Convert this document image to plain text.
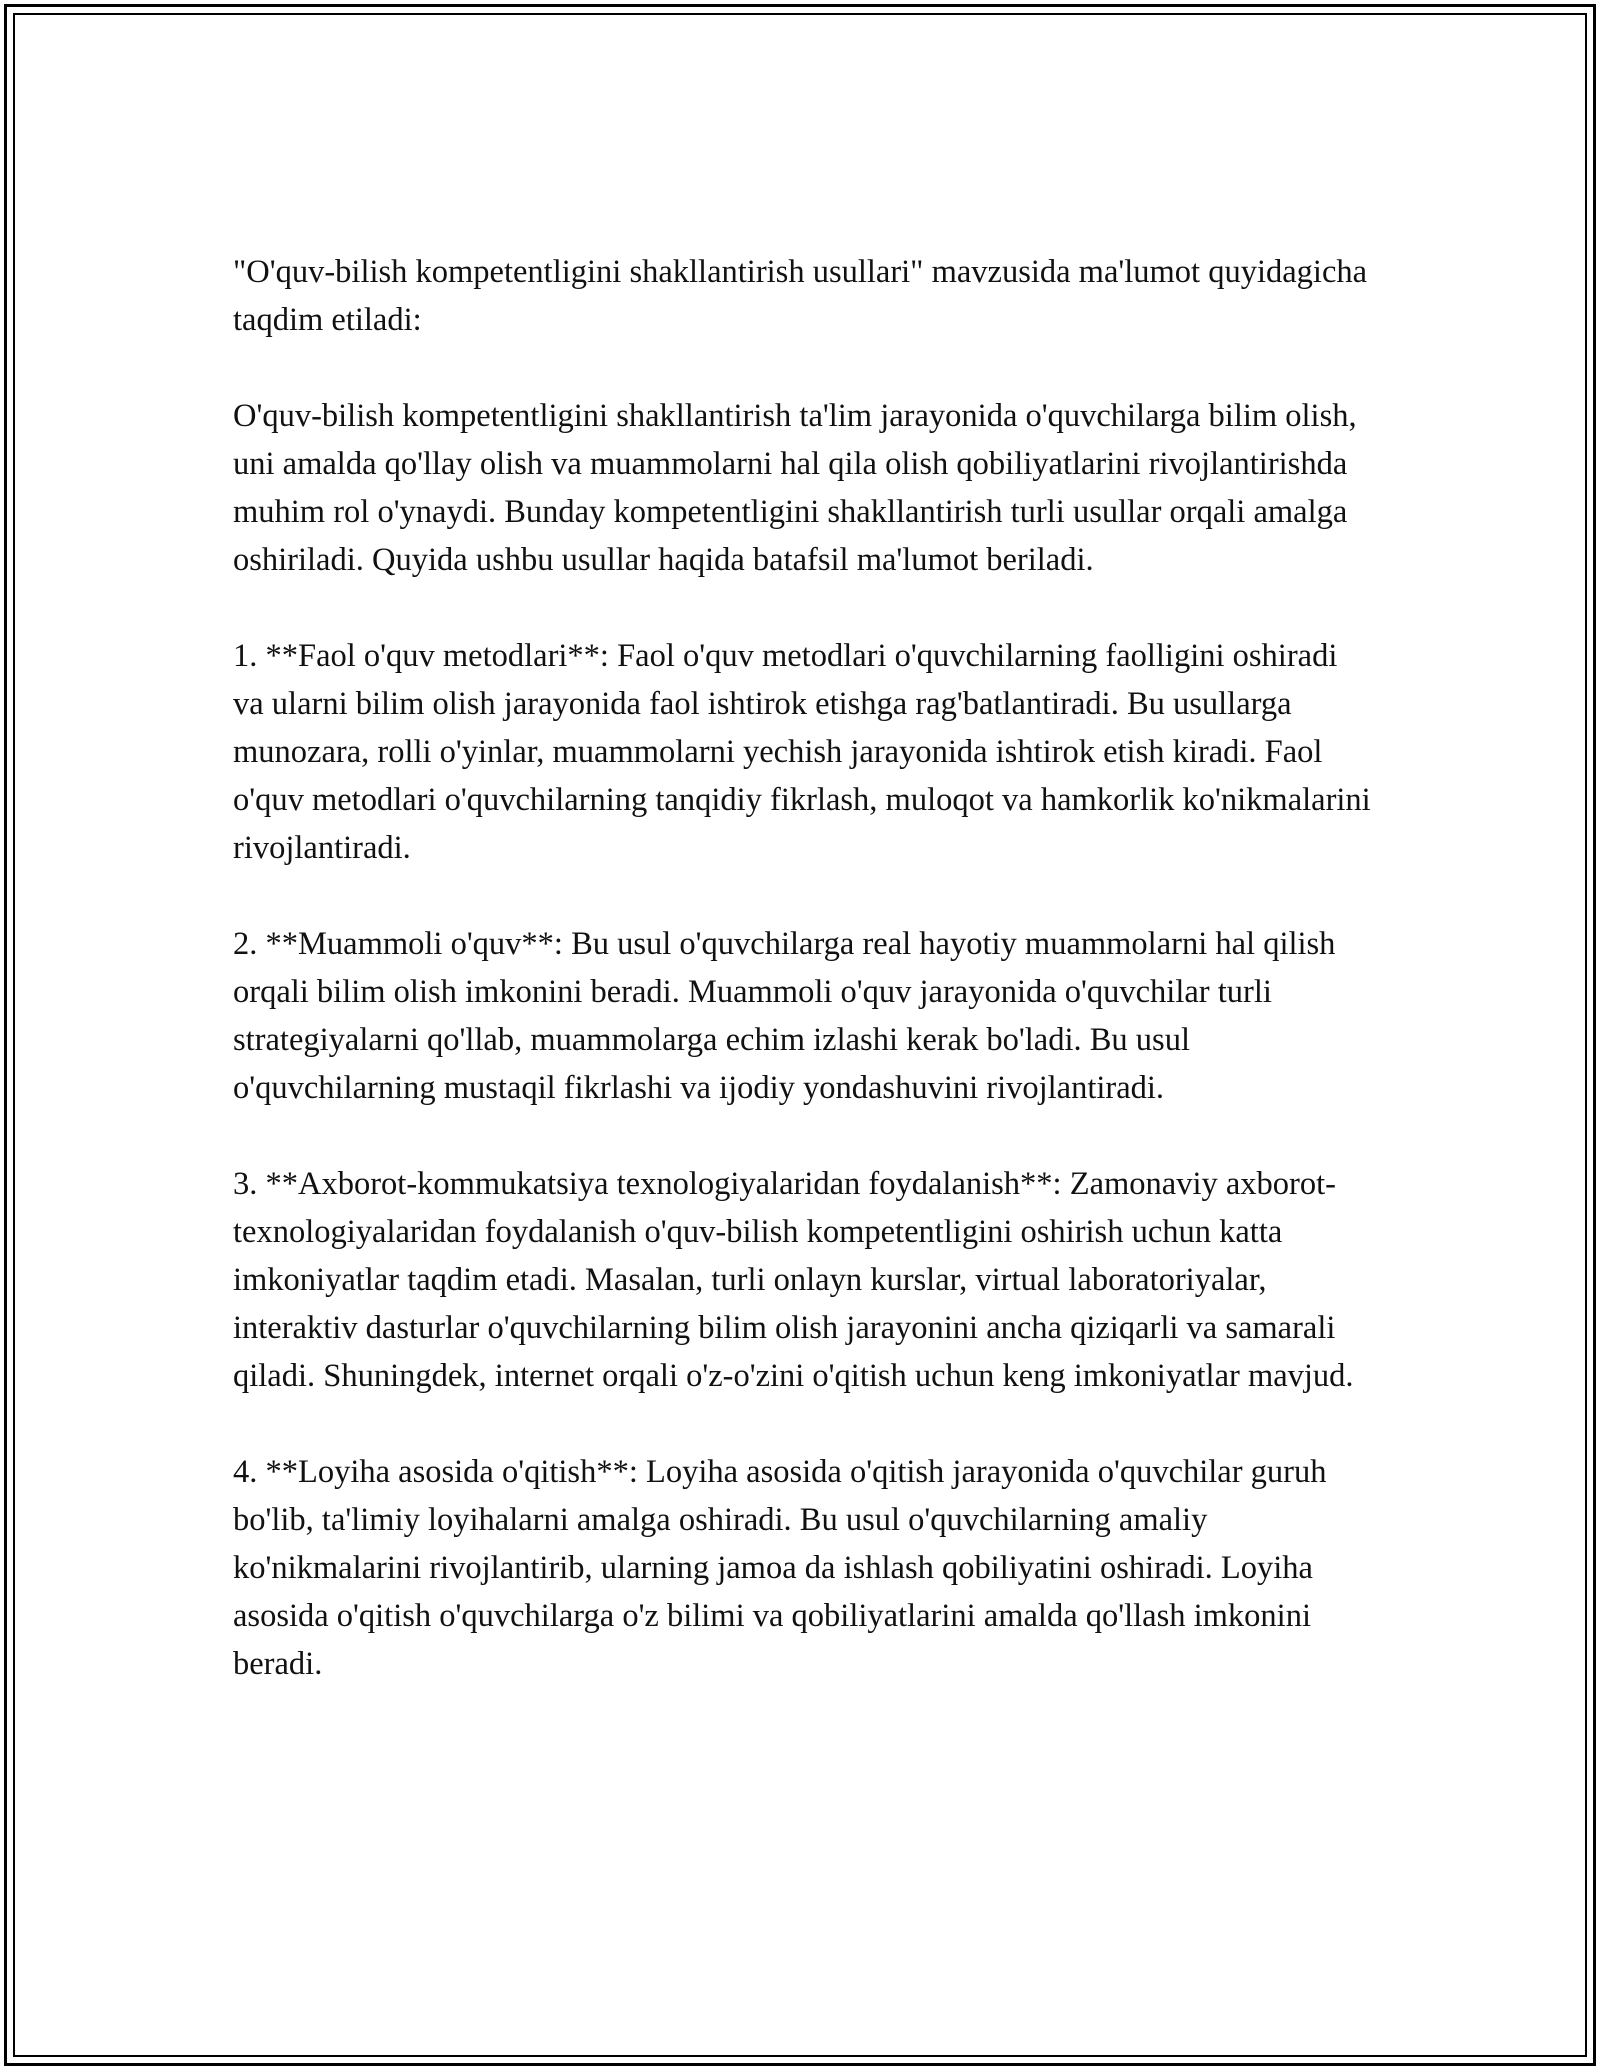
"O'quv-bilish kompetentligini shakllantirish usullari" mavzusida ma'lumot quyidagicha taqdim etiladi:

O'quv-bilish kompetentligini shakllantirish ta'lim jarayonida o'quvchilarga bilim olish, uni amalda qo'llay olish va muammolarni hal qila olish qobiliyatlarini rivojlantirishda muhim rol o'ynaydi. Bunday kompetentligini shakllantirish turli usullar orqali amalga oshiriladi. Quyida ushbu usullar haqida batafsil ma'lumot beriladi.

1. **Faol o'quv metodlari**: Faol o'quv metodlari o'quvchilarning faolligini oshiradi va ularni bilim olish jarayonida faol ishtirok etishga rag'batlantiradi. Bu usullarga munozara, rolli o'yinlar, muammolarni yechish jarayonida ishtirok etish kiradi. Faol o'quv metodlari o'quvchilarning tanqidiy fikrlash, muloqot va hamkorlik ko'nikmalarini rivojlantiradi.

2. **Muammoli o'quv**: Bu usul o'quvchilarga real hayotiy muammolarni hal qilish orqali bilim olish imkonini beradi. Muammoli o'quv jarayonida o'quvchilar turli strategiyalarni qo'llab, muammolarga echim izlashi kerak bo'ladi. Bu usul o'quvchilarning mustaqil fikrlashi va ijodiy yondashuvini rivojlantiradi.

3. **Axborot-kommukatsiya texnologiyalaridan foydalanish**: Zamonaviy axborot-texnologiyalaridan foydalanish o'quv-bilish kompetentligini oshirish uchun katta imkoniyatlar taqdim etadi. Masalan, turli onlayn kurslar, virtual laboratoriyalar, interaktiv dasturlar o'quvchilarning bilim olish jarayonini ancha qiziqarli va samarali qiladi. Shuningdek, internet orqali o'z-o'zini o'qitish uchun keng imkoniyatlar mavjud.

4. **Loyiha asosida o'qitish**: Loyiha asosida o'qitish jarayonida o'quvchilar guruh bo'lib, ta'limiy loyihalarni amalga oshiradi. Bu usul o'quvchilarning amaliy ko'nikmalarini rivojlantirib, ularning jamoa da ishlash qobiliyatini oshiradi. Loyiha asosida o'qitish o'quvchilarga o'z bilimi va qobiliyatlarini amalda qo'llash imkonini beradi.
